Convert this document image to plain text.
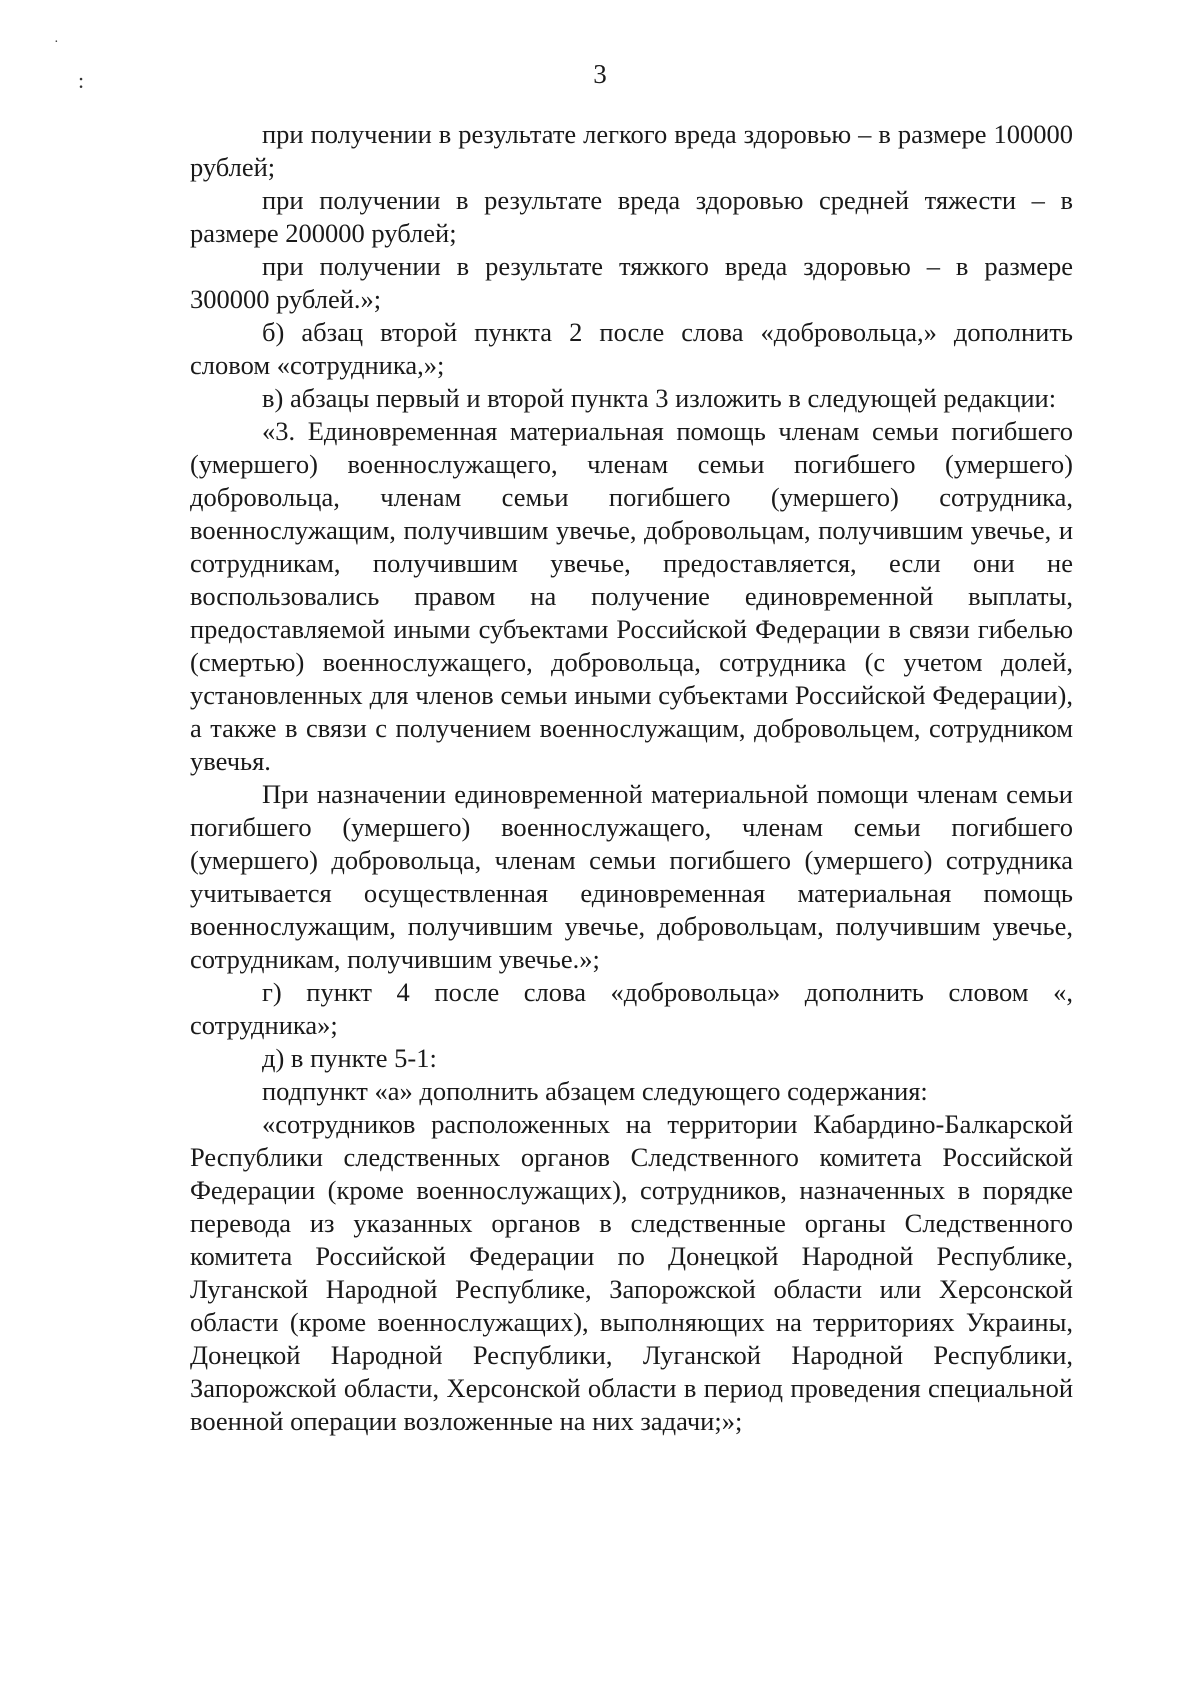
·
:	3

при получении в результате легкого вреда здоровью – в размере 100000 рублей;

при получении в результате вреда здоровью средней тяжести – в размере 200000 рублей;

при получении в результате тяжкого вреда здоровью – в размере 300000 рублей.»;

б) абзац второй пункта 2 после слова «добровольца,» дополнить словом «сотрудника,»;

в) абзацы первый и второй пункта 3 изложить в следующей редакции:

«3. Единовременная материальная помощь членам семьи погибшего (умершего) военнослужащего, членам семьи погибшего (умершего) добровольца, членам семьи погибшего (умершего) сотрудника, военнослужащим, получившим увечье, добровольцам, получившим увечье, и сотрудникам, получившим увечье, предоставляется, если они не воспользовались правом на получение единовременной выплаты, предоставляемой иными субъектами Российской Федерации в связи гибелью (смертью) военнослужащего, добровольца, сотрудника (с учетом долей, установленных для членов семьи иными субъектами Российской Федерации), а также в связи с получением военнослужащим, добровольцем, сотрудником увечья.

При назначении единовременной материальной помощи членам семьи погибшего (умершего) военнослужащего, членам семьи погибшего (умершего) добровольца, членам семьи погибшего (умершего) сотрудника учитывается осуществленная единовременная материальная помощь военнослужащим, получившим увечье, добровольцам, получившим увечье, сотрудникам, получившим увечье.»;

г) пункт 4 после слова «добровольца» дополнить словом «, сотрудника»;

д) в пункте 5-1:

подпункт «а» дополнить абзацем следующего содержания:

«сотрудников расположенных на территории Кабардино-Балкарской Республики следственных органов Следственного комитета Российской Федерации (кроме военнослужащих), сотрудников, назначенных в порядке перевода из указанных органов в следственные органы Следственного комитета Российской Федерации по Донецкой Народной Республике, Луганской Народной Республике, Запорожской области или Херсонской области (кроме военнослужащих), выполняющих на территориях Украины, Донецкой Народной Республики, Луганской Народной Республики, Запорожской области, Херсонской области в период проведения специальной военной операции возложенные на них задачи;»;
